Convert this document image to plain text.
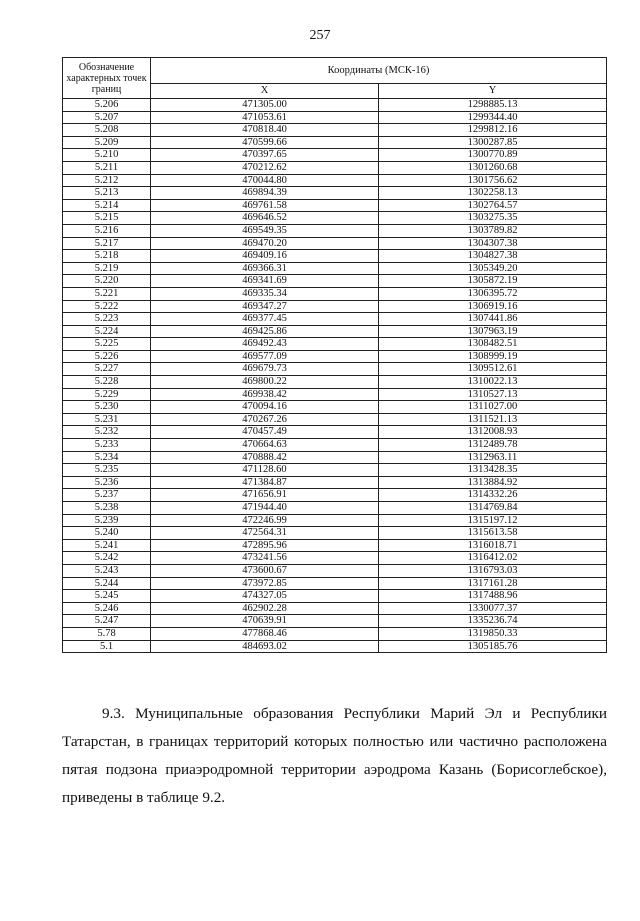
257
Обозначение характерных точек границ	Координаты (МСК-16)	
	X	Y
5.206	471305.00	1298885.13
5.207	471053.61	1299344.40
5.208	470818.40	1299812.16
5.209	470599.66	1300287.85
5.210	470397.65	1300770.89
5.211	470212.62	1301260.68
5.212	470044.80	1301756.62
5.213	469894.39	1302258.13
5.214	469761.58	1302764.57
5.215	469646.52	1303275.35
5.216	469549.35	1303789.82
5.217	469470.20	1304307.38
5.218	469409.16	1304827.38
5.219	469366.31	1305349.20
5.220	469341.69	1305872.19
5.221	469335.34	1306395.72
5.222	469347.27	1306919.16
5.223	469377.45	1307441.86
5.224	469425.86	1307963.19
5.225	469492.43	1308482.51
5.226	469577.09	1308999.19
5.227	469679.73	1309512.61
5.228	469800.22	1310022.13
5.229	469938.42	1310527.13
5.230	470094.16	1311027.00
5.231	470267.26	1311521.13
5.232	470457.49	1312008.93
5.233	470664.63	1312489.78
5.234	470888.42	1312963.11
5.235	471128.60	1313428.35
5.236	471384.87	1313884.92
5.237	471656.91	1314332.26
5.238	471944.40	1314769.84
5.239	472246.99	1315197.12
5.240	472564.31	1315613.58
5.241	472895.96	1316018.71
5.242	473241.56	1316412.02
5.243	473600.67	1316793.03
5.244	473972.85	1317161.28
5.245	474327.05	1317488.96
5.246	462902.28	1330077.37
5.247	470639.91	1335236.74
5.78	477868.46	1319850.33
5.1	484693.02	1305185.76
9.3. Муниципальные образования Республики Марий Эл и Республики Татарстан, в границах территорий которых полностью или частично расположена пятая подзона приаэродромной территории аэродрома Казань (Борисоглебское), приведены в таблице 9.2.
